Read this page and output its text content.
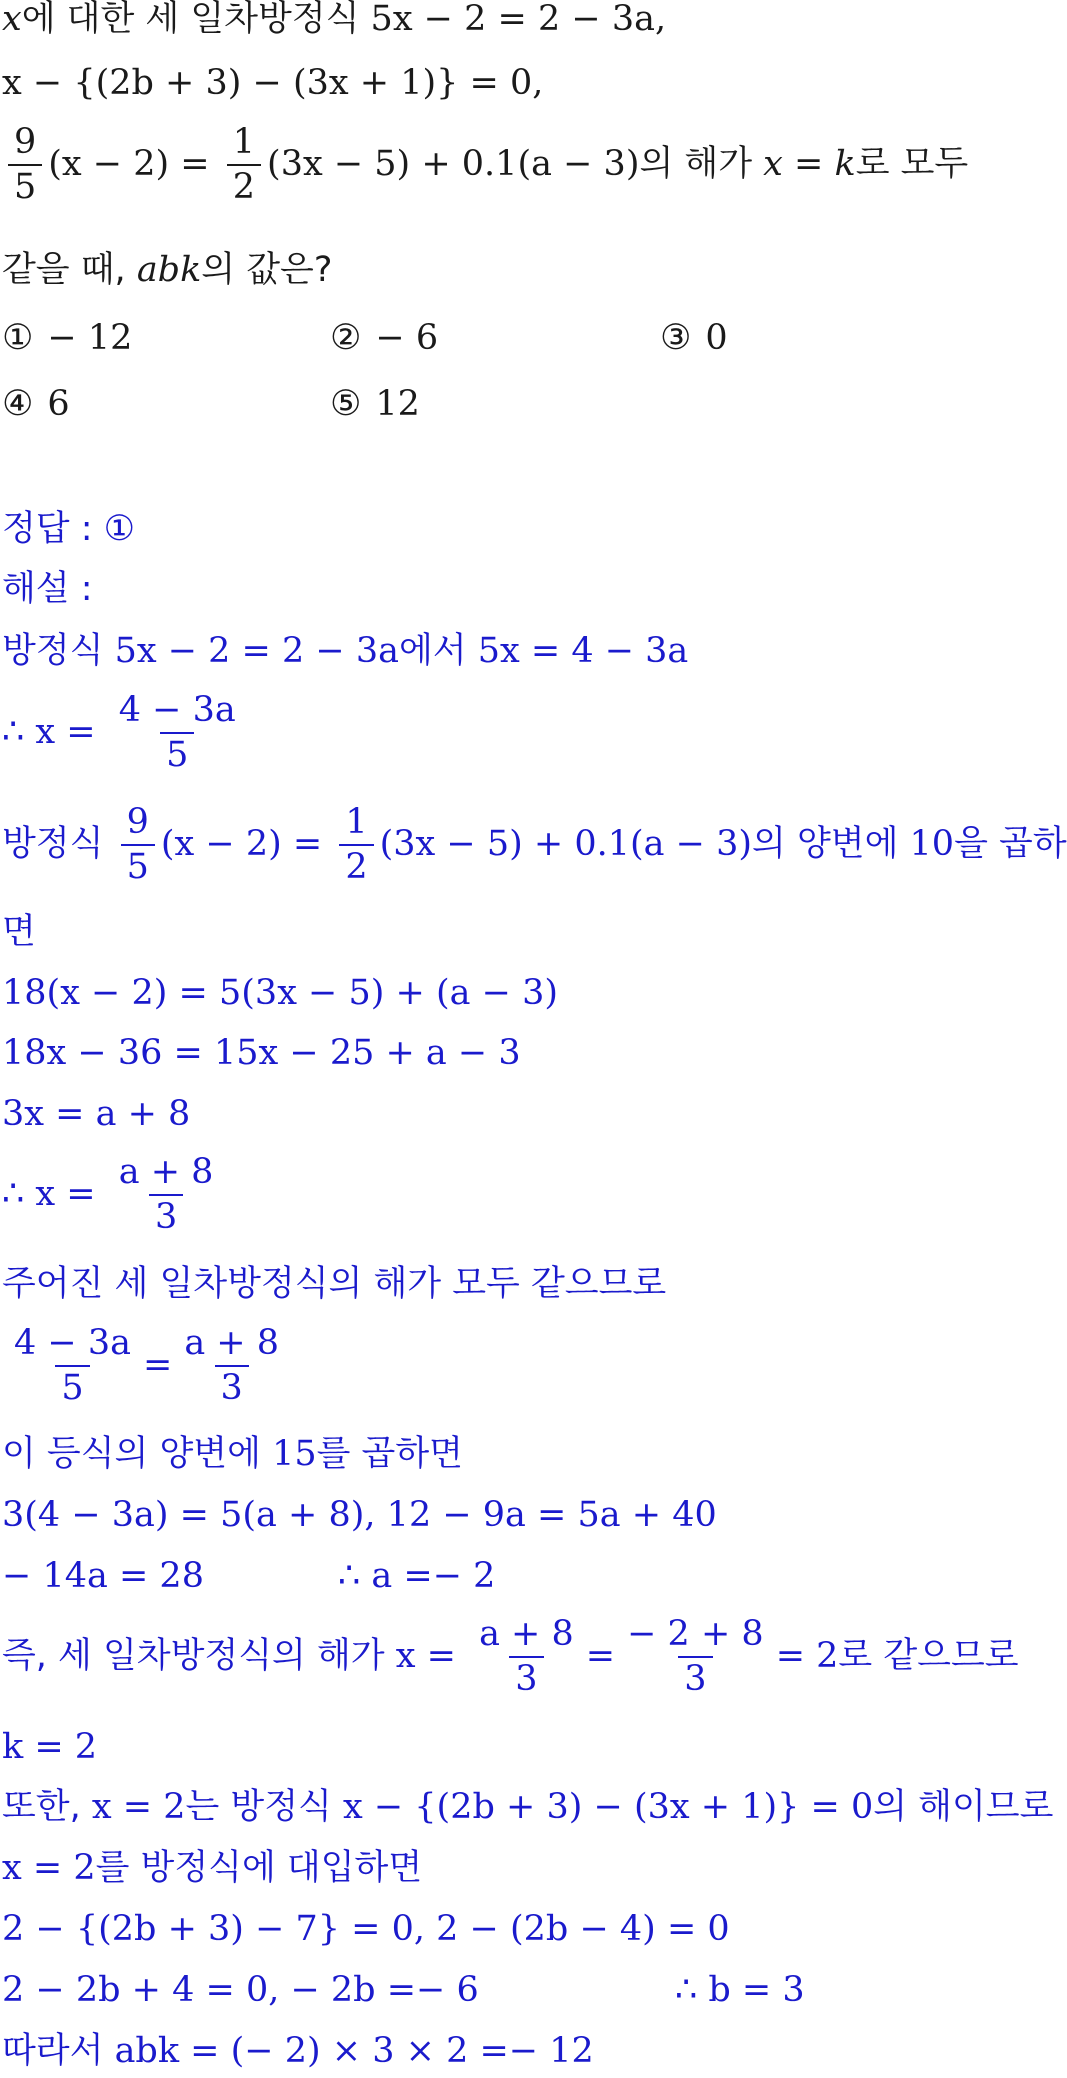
x에 대한 세 일차방정식 5x − 2 = 2 − 3a,
x − {(2b + 3) − (3x + 1)} = 0,
$\frac{9}{5} (x - 2) = \frac{1}{2} (3x - 5) + 0.1(a - 3)$의 해가 x = k로 모두
같을 때, abk의 값은?
① − 12	② − 6	③ 0
④ 6	⑤ 12
정답 : ①
해설 :
방정식 5x − 2 = 2 − 3a에서 5x = 4 − 3a
∴ $x = \frac{4 - 3a}{5}$
방정식 $\frac{9}{5} (x - 2) = \frac{1}{2} (3x - 5) + 0.1(a - 3)$의 양변에 10을 곱하
면
18(x − 2) = 5(3x − 5) + (a − 3)
18x − 36 = 15x − 25 + a − 3
3x = a + 8
∴ $x = \frac{a + 8}{3}$
주어진 세 일차방정식의 해가 모두 같으므로
$\frac{4 - 3a}{5} = \frac{a + 8}{3}$
이 등식의 양변에 15를 곱하면
3(4 − 3a) = 5(a + 8), 12 − 9a = 5a + 40
− 14a = 28	∴ a =− 2
즉, 세 일차방정식의 해가 $x = \frac{a + 8}{3} = \frac{- 2 + 8}{3} = 2$로 같으므로
k = 2
또한, x = 2는 방정식 x − {(2b + 3) − (3x + 1)} = 0의 해이므로
x = 2를 방정식에 대입하면
2 − {(2b + 3) − 7} = 0, 2 − (2b − 4) = 0
2 − 2b + 4 = 0, − 2b =− 6	∴ b = 3
따라서 abk = (− 2) × 3 × 2 =− 12
